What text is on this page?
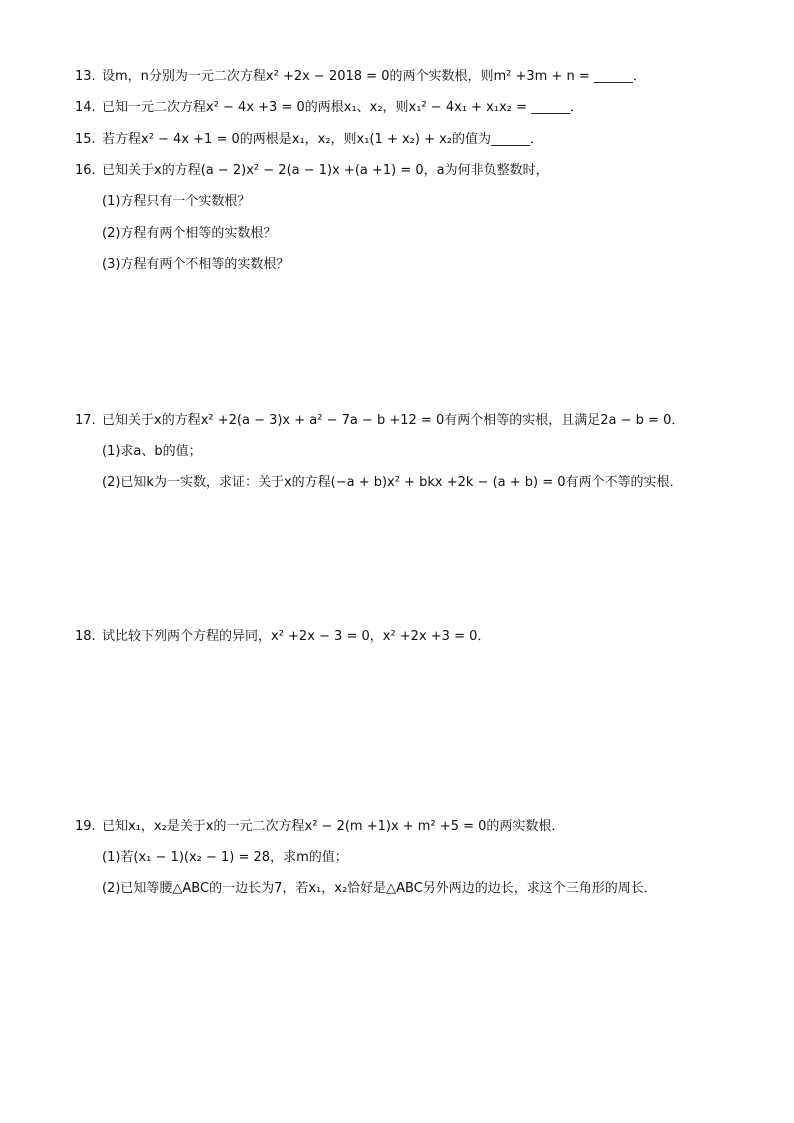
13. 设m，n分别为一元二次方程x² +2x − 2018 = 0的两个实数根，则m² +3m + n = ______．
14. 已知一元二次方程x² − 4x +3 = 0的两根x₁、x₂，则x₁² − 4x₁ + x₁x₂ = ______．
15. 若方程x² − 4x +1 = 0的两根是x₁，x₂，则x₁(1 + x₂) + x₂的值为______．
16. 已知关于x的方程(a − 2)x² − 2(a − 1)x +(a +1) = 0，a为何非负整数时，
(1)方程只有一个实数根？
(2)方程有两个相等的实数根？
(3)方程有两个不相等的实数根？
17. 已知关于x的方程x² +2(a − 3)x + a² − 7a − b +12 = 0有两个相等的实根，且满足2a − b = 0．
(1)求a、b的值；
(2)已知k为一实数，求证：关于x的方程(−a + b)x² + bkx +2k − (a + b) = 0有两个不等的实根．
18. 试比较下列两个方程的异同，x² +2x − 3 = 0，x² +2x +3 = 0．
19. 已知x₁，x₂是关于x的一元二次方程x² − 2(m +1)x + m² +5 = 0的两实数根．
(1)若(x₁ − 1)(x₂ − 1) = 28，求m的值；
(2)已知等腰△ABC的一边长为7，若x₁，x₂恰好是△ABC另外两边的边长，求这个三角形的周长．
